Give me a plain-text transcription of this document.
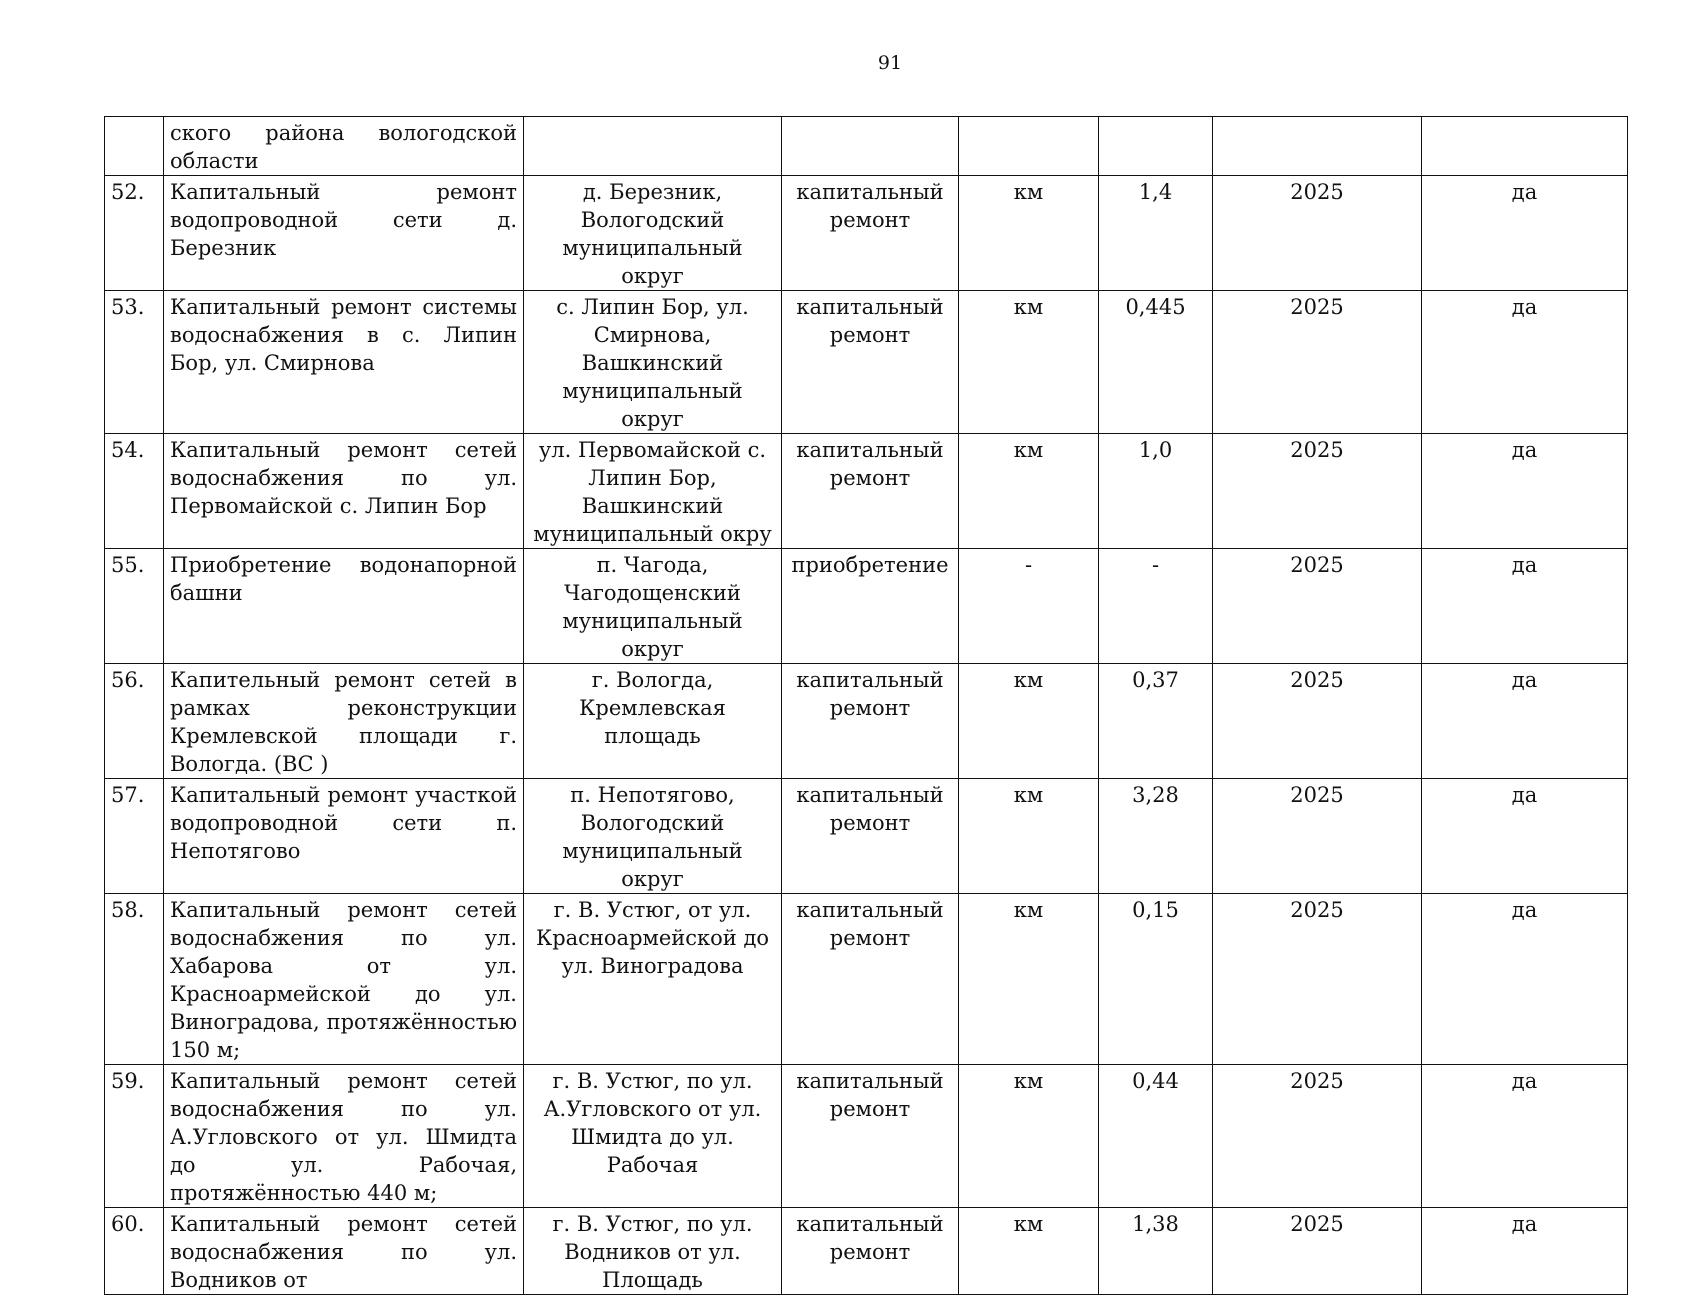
91
	ского района вологодской области						
52.	Капитальный ремонт водопроводной сети д. Березник	д. Березник, Вологодский муниципальный округ	капитальный ремонт	км	1,4	2025	да
53.	Капитальный ремонт системы водоснабжения в с. Липин Бор, ул. Смирнова	с. Липин Бор, ул. Смирнова, Вашкинский муниципальный округ	капитальный ремонт	км	0,445	2025	да
54.	Капитальный ремонт сетей водоснабжения по ул. Первомайской с. Липин Бор	ул. Первомайской с. Липин Бор, Вашкинский муниципальный окру	капитальный ремонт	км	1,0	2025	да
55.	Приобретение водонапорной башни	п. Чагода, Чагодощенский муниципальный округ	приобретение	-	-	2025	да
56.	Капительный ремонт сетей в рамках реконструкции Кремлевской площади г. Вологда. (ВС )	г. Вологда, Кремлевская площадь	капитальный ремонт	км	0,37	2025	да
57.	Капитальный ремонт участкой водопроводной сети п. Непотягово	п. Непотягово, Вологодский муниципальный округ	капитальный ремонт	км	3,28	2025	да
58.	Капитальный ремонт сетей водоснабжения по ул. Хабарова от ул. Красноармейской до ул. Виноградова, протяжённостью 150 м;	г. В. Устюг, от ул. Красноармейской до ул. Виноградова	капитальный ремонт	км	0,15	2025	да
59.	Капитальный ремонт сетей водоснабжения по ул. А.Угловского от ул. Шмидта до ул. Рабочая, протяжённостью 440 м;	г. В. Устюг, по ул. А.Угловского от ул. Шмидта до ул. Рабочая	капитальный ремонт	км	0,44	2025	да
60.	Капитальный ремонт сетей водоснабжения по ул. Водников от	г. В. Устюг, по ул. Водников от ул. Площадь	капитальный ремонт	км	1,38	2025	да
